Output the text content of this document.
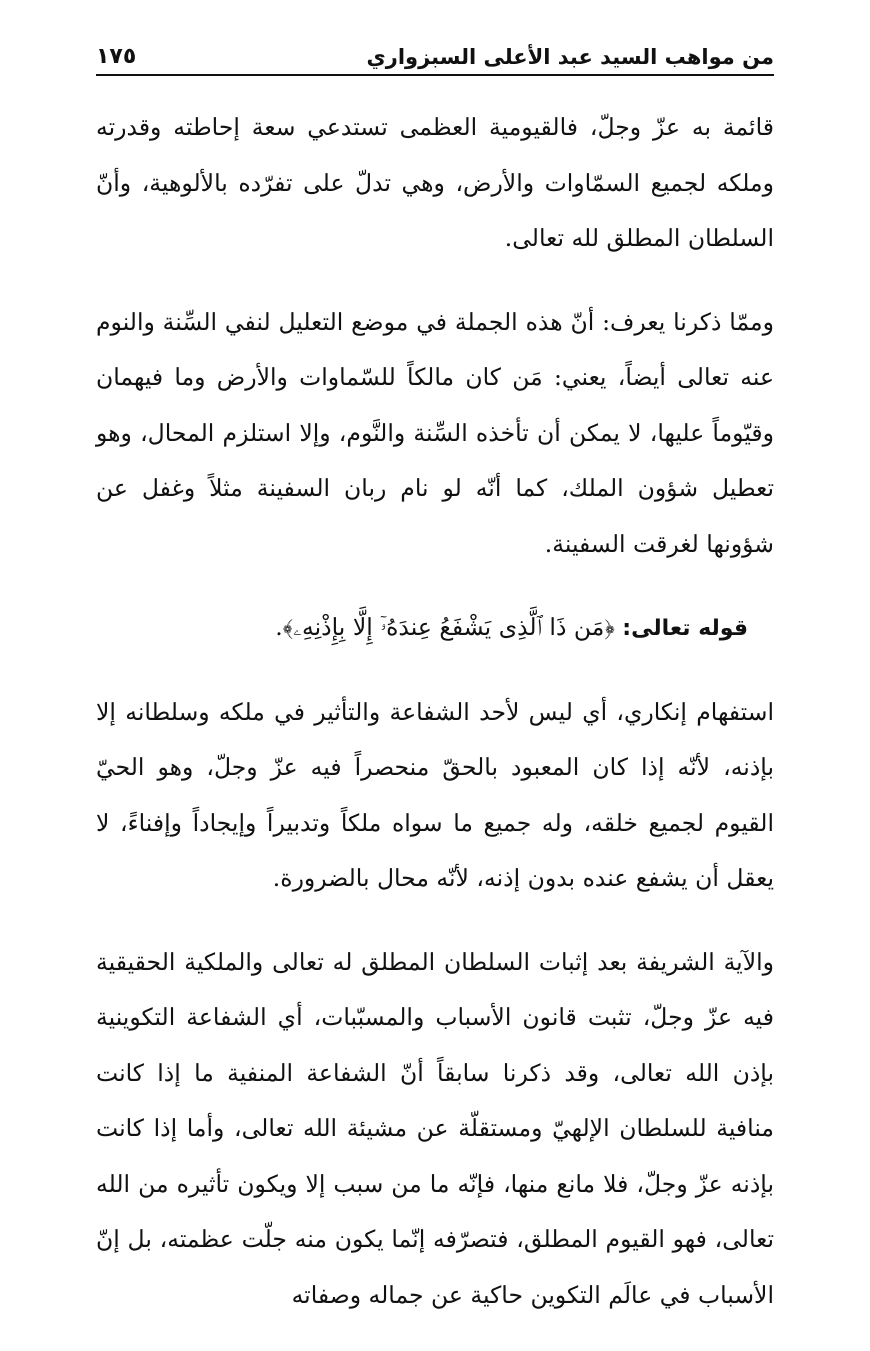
من مواهب السيد عبد الأعلى السبزواري
١٧٥

قائمة به عزّ وجلّ، فالقيومية العظمى تستدعي سعة إحاطته وقدرته وملكه لجميع السمّاوات والأرض، وهي تدلّ على تفرّده بالألوهية، وأنّ السلطان المطلق لله تعالى.

وممّا ذكرنا يعرف: أنّ هذه الجملة في موضع التعليل لنفي السِّنة والنوم عنه تعالى أيضاً، يعني: مَن كان مالكاً للسّماوات والأرض وما فيهمان وقيّوماً عليها، لا يمكن أن تأخذه السِّنة والنَّوم، وإلا استلزم المحال، وهو تعطيل شؤون الملك، كما أنّه لو نام ربان السفينة مثلاً وغفل عن شؤونها لغرقت السفينة.

قوله تعالى: ﴿مَن ذَا ٱلَّذِى يَشْفَعُ عِندَهُۥٓ إِلَّا بِإِذْنِهِۦ﴾.

استفهام إنكاري، أي ليس لأحد الشفاعة والتأثير في ملكه وسلطانه إلا بإذنه، لأنّه إذا كان المعبود بالحقّ منحصراً فيه عزّ وجلّ، وهو الحيّ القيوم لجميع خلقه، وله جميع ما سواه ملكاً وتدبيراً وإيجاداً وإفناءً، لا يعقل أن يشفع عنده بدون إذنه، لأنّه محال بالضرورة.

والآية الشريفة بعد إثبات السلطان المطلق له تعالى والملكية الحقيقية فيه عزّ وجلّ، تثبت قانون الأسباب والمسبّبات، أي الشفاعة التكوينية بإذن الله تعالى، وقد ذكرنا سابقاً أنّ الشفاعة المنفية ما إذا كانت منافية للسلطان الإلهيّ ومستقلّة عن مشيئة الله تعالى، وأما إذا كانت بإذنه عزّ وجلّ، فلا مانع منها، فإنّه ما من سبب إلا ويكون تأثيره من الله تعالى، فهو القيوم المطلق، فتصرّفه إنّما يكون منه جلّت عظمته، بل إنّ الأسباب في عالَم التكوين حاكية عن جماله وصفاته
